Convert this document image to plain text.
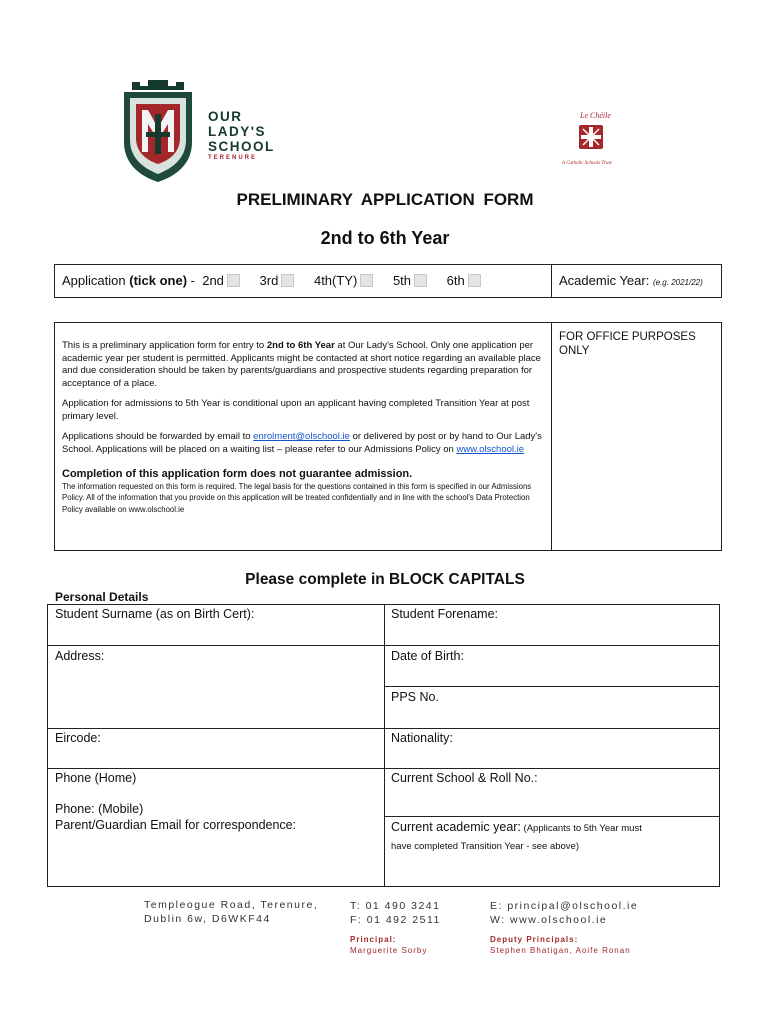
OUR
LADY'S
SCHOOL
TERENURE
Le Chéile
A Catholic Schools Trust
PRELIMINARY APPLICATION FORM
2nd to 6th Year
Application (tick one) - 2nd	3rd	4th(TY)	5th	6th	Academic Year: (e.g. 2021/22)

This is a preliminary application form for entry to 2nd to 6th Year at Our Lady's School. Only one application per academic year per student is permitted. Applicants might be contacted at short notice regarding an available place and due consideration should be taken by parents/guardians and prospective students regarding preparation for acceptance of a place.

Application for admissions to 5th Year is conditional upon an applicant having completed Transition Year at post primary level.

Applications should be forwarded by email to enrolment@olschool.ie or delivered by post or by hand to Our Lady's School. Applications will be placed on a waiting list – please refer to our Admissions Policy on www.olschool.ie

Completion of this application form does not guarantee admission.
The information requested on this form is required. The legal basis for the questions contained in this form is specified in our Admissions Policy. All of the information that you provide on this application will be treated confidentially and in line with the school's Data Protection Policy available on www.olschool.ie
FOR OFFICE PURPOSES ONLY
Please complete in BLOCK CAPITALS
Personal Details
Student Surname (as on Birth Cert):	Student Forename:
Address:	Date of Birth:
PPS No.
Eircode:	Nationality:
Phone (Home)	Current School & Roll No.:
Phone: (Mobile)
Parent/Guardian Email for correspondence:	Current academic year: (Applicants to 5th Year must
have completed Transition Year - see above)
Templeogue Road, Terenure,
Dublin 6w, D6WKF44
T: 01 490 3241
F: 01 492 2511
E: principal@olschool.ie
W: www.olschool.ie
Principal:
Marguerite Sorby
Deputy Principals:
Stephen Bhatigan, Aoife Ronan
